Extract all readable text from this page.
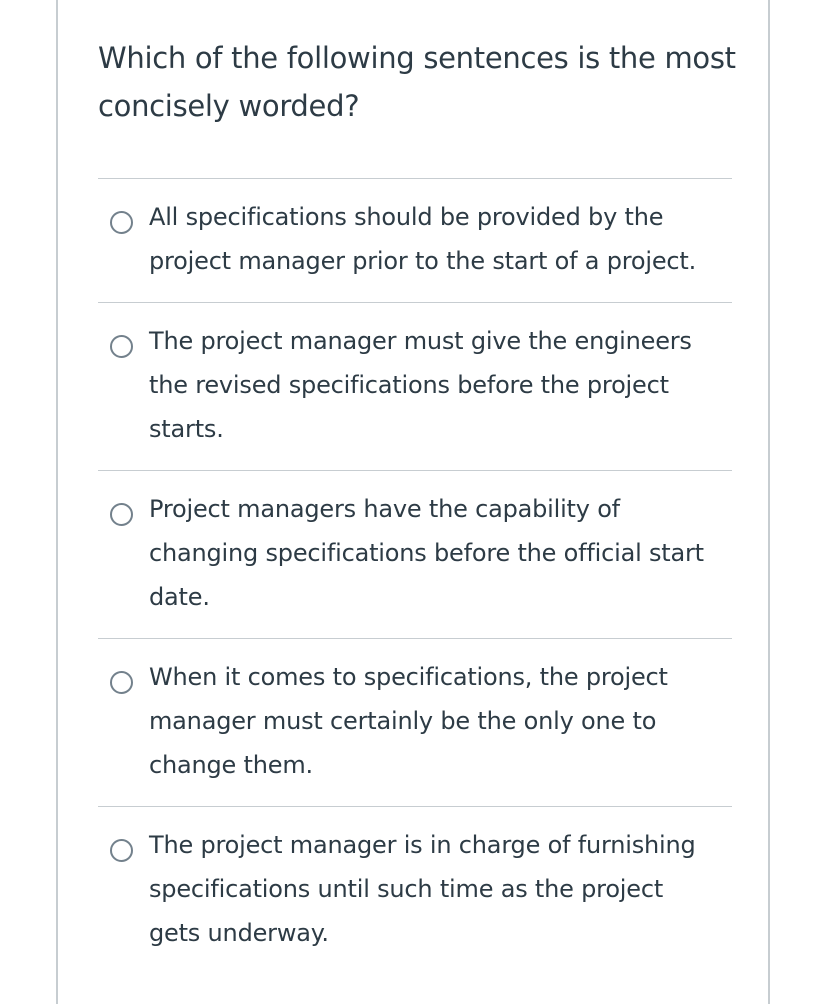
Which of the following sentences is the most concisely worded?

All specifications should be provided by the project manager prior to the start of a project.
The project manager must give the engineers the revised specifications before the project starts.
Project managers have the capability of changing specifications before the official start date.
When it comes to specifications, the project manager must certainly be the only one to change them.
The project manager is in charge of furnishing specifications until such time as the project gets underway.
